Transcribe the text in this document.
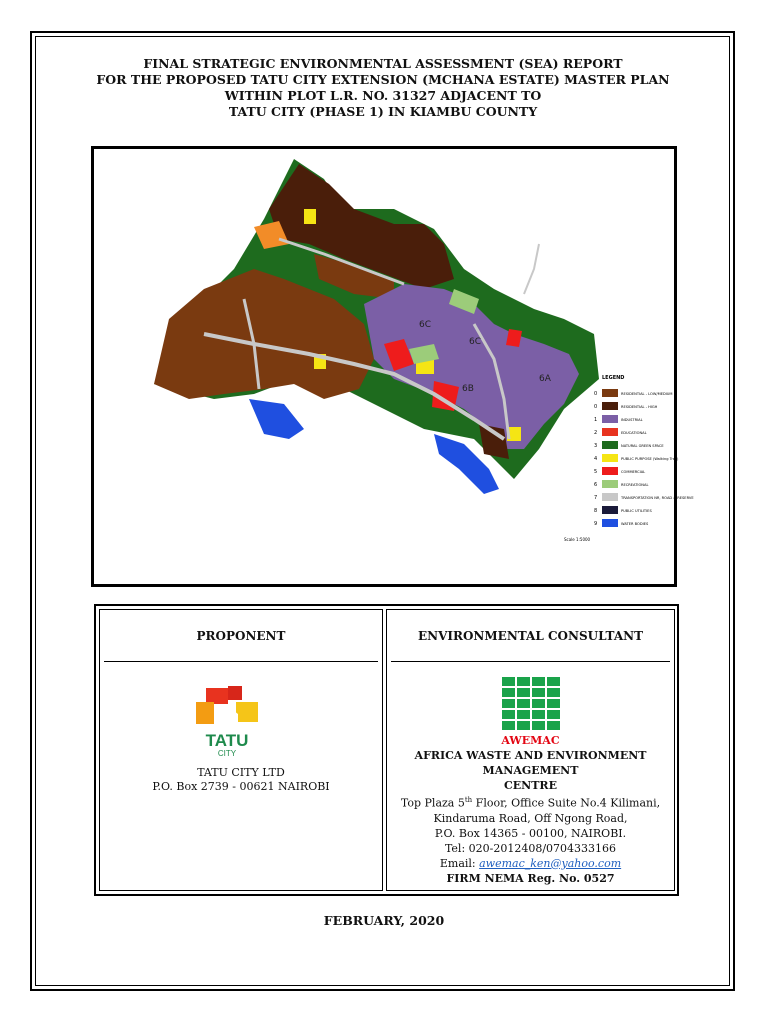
FINAL STRATEGIC ENVIRONMENTAL ASSESSMENT (SEA) REPORT
FOR THE PROPOSED TATU CITY EXTENSION (MCHANA ESTATE) MASTER PLAN
WITHIN PLOT L.R. NO. 31327 ADJACENT TO
TATU CITY (PHASE 1) IN KIAMBU COUNTY
6C
6C
6B
6A	LEGEND
0	RESIDENTIAL - LOW/MEDIUM
0	RESIDENTIAL - HIGH
1	INDUSTRIAL
2	EDUCATIONAL
3	NATURAL GREEN SPACE
4	PUBLIC PURPOSE (Walking Trail)
5	COMMERCIAL
6	RECREATIONAL
7	TRANSPORTATION NR, ROAD & RESERVE
8	PUBLIC UTILITIES
9	WATER BODIES
Scale 1:5000
PROPONENT
TATU
CITY
TATU CITY LTD
P.O. Box 2739 - 00621 NAIROBI
ENVIRONMENTAL CONSULTANT
AWEMAC
AFRICA WASTE AND ENVIRONMENT MANAGEMENT
CENTRE
Top Plaza 5th Floor, Office Suite No.4 Kilimani,
Kindaruma Road, Off Ngong Road,
P.O. Box 14365 - 00100, NAIROBI.
Tel: 020-2012408/0704333166
Email: awemac_ken@yahoo.com
FIRM NEMA Reg. No. 0527
FEBRUARY, 2020
